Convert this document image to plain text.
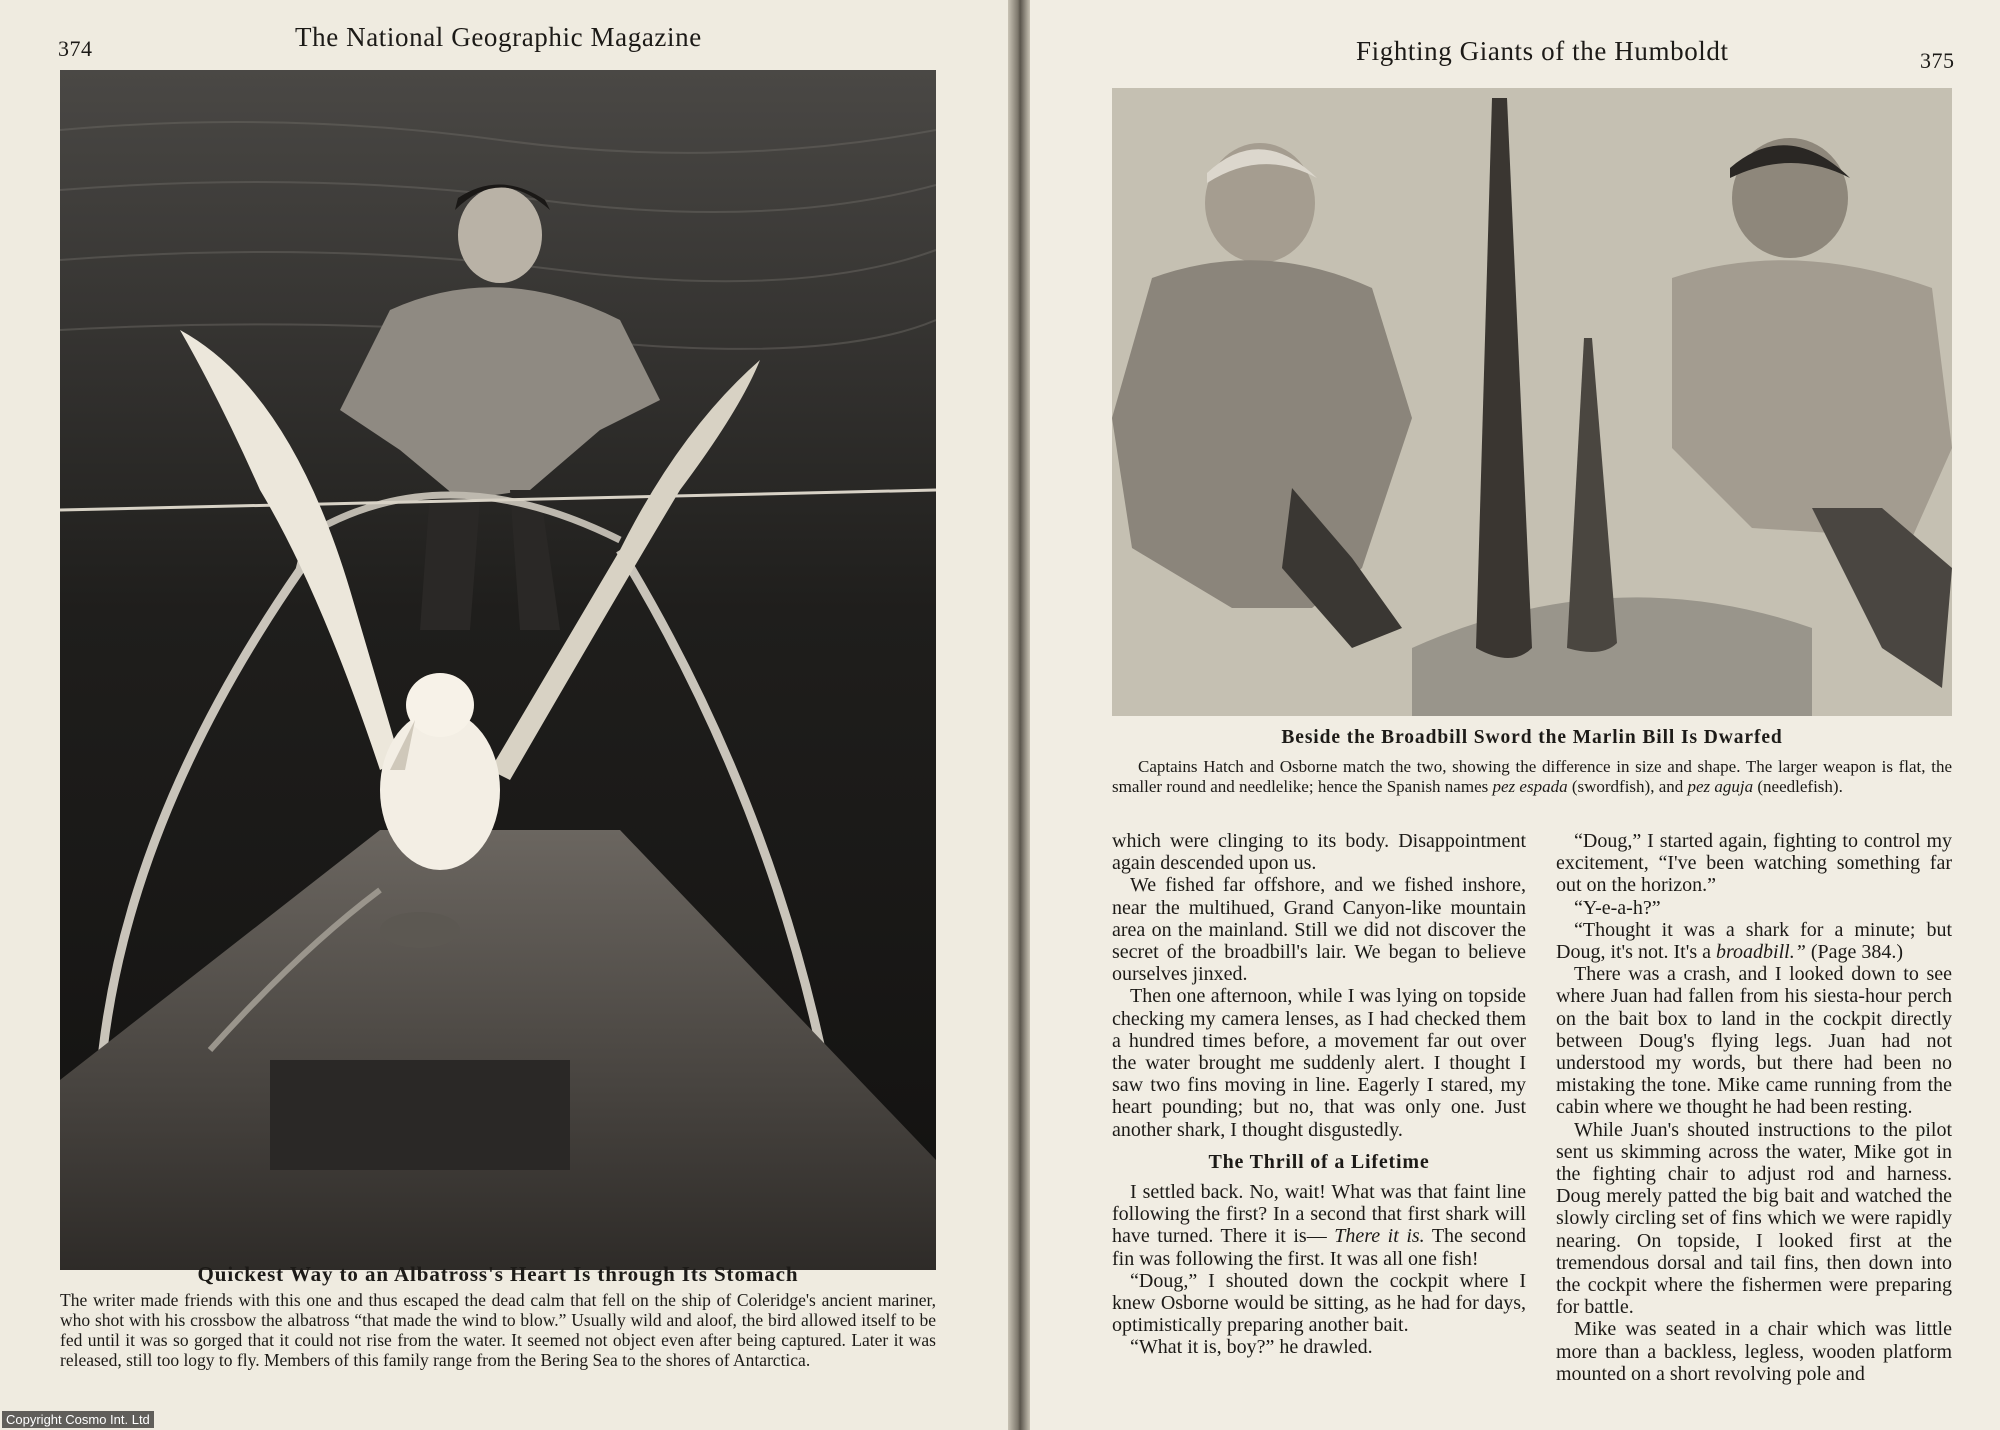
374	The National Geographic Magazine
Quickest Way to an Albatross's Heart Is through Its Stomach
The writer made friends with this one and thus escaped the dead calm that fell on the ship of Coleridge's ancient mariner, who shot with his crossbow the albatross “that made the wind to blow.” Usually wild and aloof, the bird allowed itself to be fed until it was so gorged that it could not rise from the water. It seemed not object even after being captured. Later it was released, still too logy to fly. Members of this family range from the Bering Sea to the shores of Antarctica.
Copyright Cosmo Int. Ltd
Fighting Giants of the Humboldt	375
Beside the Broadbill Sword the Marlin Bill Is Dwarfed
Captains Hatch and Osborne match the two, showing the difference in size and shape. The larger weapon is flat, the smaller round and needlelike; hence the Spanish names pez espada (swordfish), and pez aguja (needlefish).

which were clinging to its body. Disappointment again descended upon us.

We fished far offshore, and we fished inshore, near the multihued, Grand Canyon-like mountain area on the mainland. Still we did not discover the secret of the broadbill's lair. We began to believe ourselves jinxed.

Then one afternoon, while I was lying on topside checking my camera lenses, as I had checked them a hundred times before, a movement far out over the water brought me suddenly alert. I thought I saw two fins moving in line. Eagerly I stared, my heart pounding; but no, that was only one. Just another shark, I thought disgustedly.

The Thrill of a Lifetime

I settled back. No, wait! What was that faint line following the first? In a second that first shark will have turned. There it is— There it is. The second fin was following the first. It was all one fish!

“Doug,” I shouted down the cockpit where I knew Osborne would be sitting, as he had for days, optimistically preparing another bait.

“What it is, boy?” he drawled.

“Doug,” I started again, fighting to control my excitement, “I've been watching something far out on the horizon.”

“Y-e-a-h?”

“Thought it was a shark for a minute; but Doug, it's not. It's a broadbill.” (Page 384.)

There was a crash, and I looked down to see where Juan had fallen from his siesta-hour perch on the bait box to land in the cockpit directly between Doug's flying legs. Juan had not understood my words, but there had been no mistaking the tone. Mike came running from the cabin where we thought he had been resting.

While Juan's shouted instructions to the pilot sent us skimming across the water, Mike got in the fighting chair to adjust rod and harness. Doug merely patted the big bait and watched the slowly circling set of fins which we were rapidly nearing. On topside, I looked first at the tremendous dorsal and tail fins, then down into the cockpit where the fishermen were preparing for battle.

Mike was seated in a chair which was little more than a backless, legless, wooden platform mounted on a short revolving pole and
